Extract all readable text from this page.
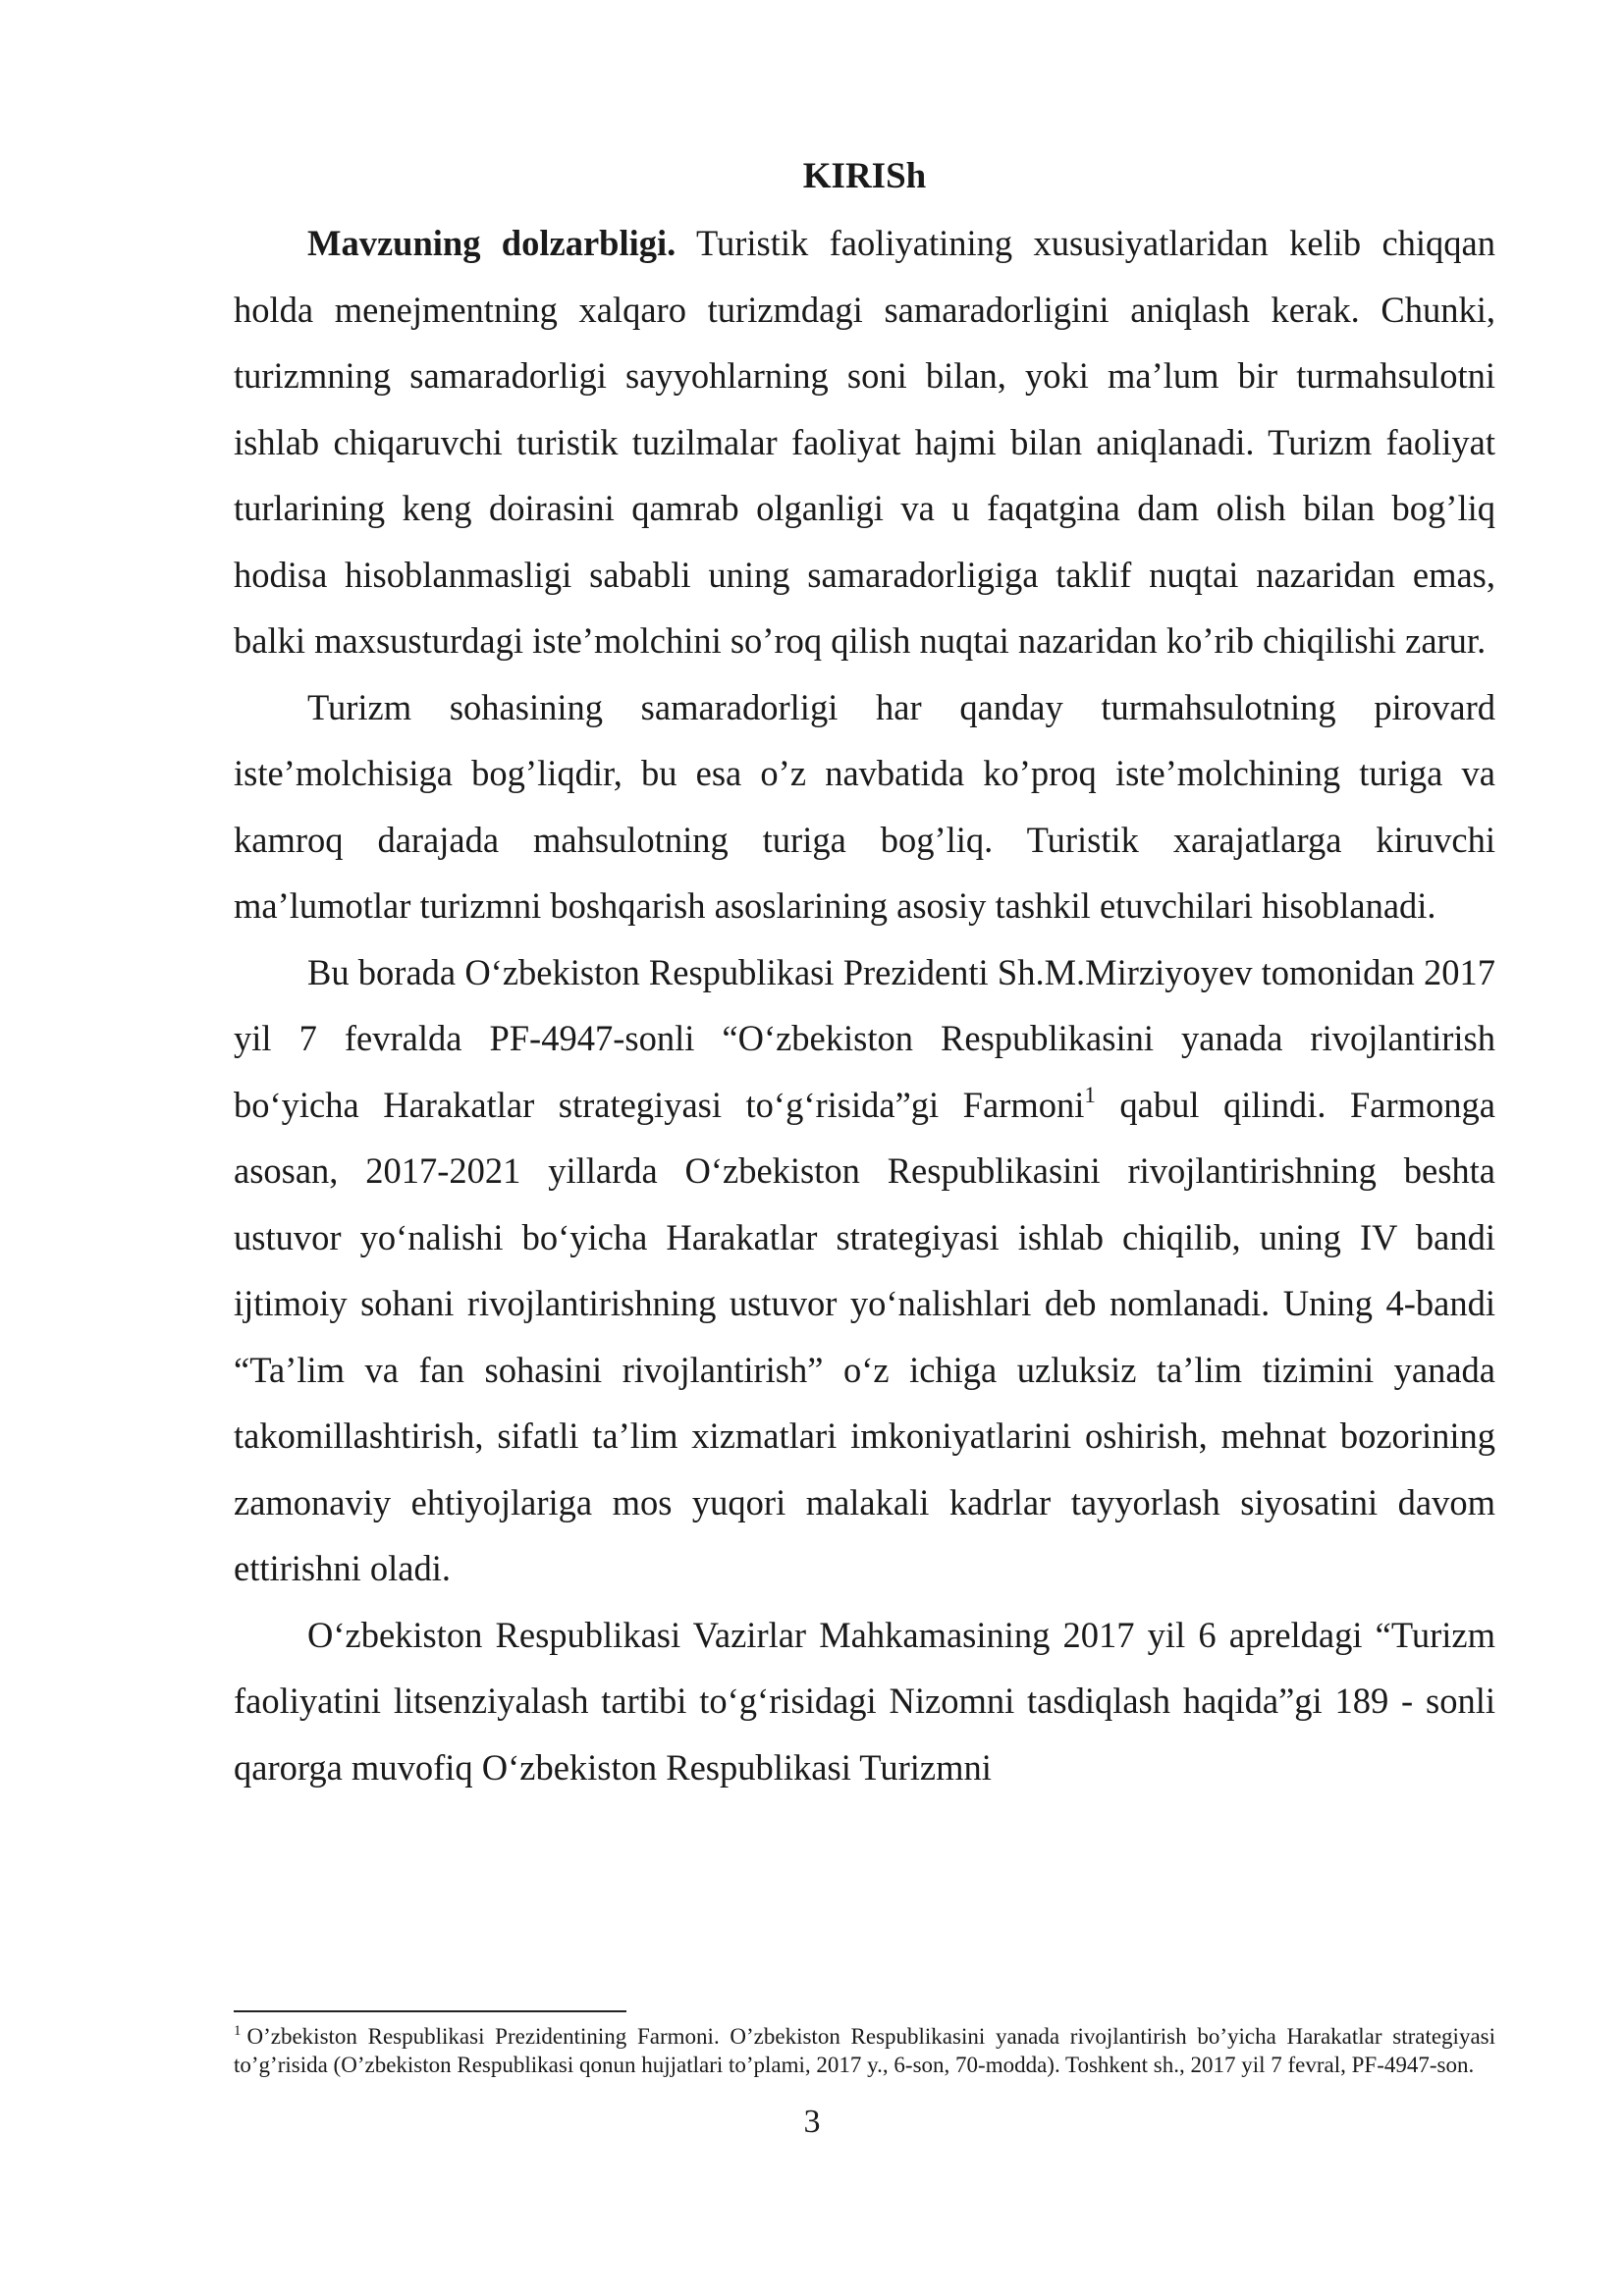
KIRISh

Mavzuning dolzarbligi. Turistik faoliyatining xususiyatlaridan kelib chiqqan holda menejmentning xalqaro turizmdagi samaradorligini aniqlash kerak. Chunki, turizmning samaradorligi sayyohlarning soni bilan, yoki ma’lum bir turmahsulotni ishlab chiqaruvchi turistik tuzilmalar faoliyat hajmi bilan aniqlanadi. Turizm faoliyat turlarining keng doirasini qamrab olganligi va u faqatgina dam olish bilan bog’liq hodisa hisoblanmasligi sababli uning samaradorligiga taklif nuqtai nazaridan emas, balki maxsusturdagi iste’molchini so’roq qilish nuqtai nazaridan ko’rib chiqilishi zarur.

Turizm sohasining samaradorligi har qanday turmahsulotning pirovard iste’molchisiga bog’liqdir, bu esa o’z navbatida ko’proq iste’molchining turiga va kamroq darajada mahsulotning turiga bog’liq. Turistik xarajatlarga kiruvchi ma’lumotlar turizmni boshqarish asoslarining asosiy tashkil etuvchilari hisoblanadi.

Bu borada O‘zbekiston Respublikasi Prezidenti Sh.M.Mirziyoyev tomonidan 2017 yil 7 fevralda PF-4947-sonli “O‘zbekiston Respublikasini yanada rivojlantirish bo‘yicha Harakatlar strategiyasi to‘g‘risida”gi Farmoni$^1$ qabul qilindi. Farmonga asosan, 2017-2021 yillarda O‘zbekiston Respublikasini rivojlantirishning beshta ustuvor yo‘nalishi bo‘yicha Harakatlar strategiyasi ishlab chiqilib, uning IV bandi ijtimoiy sohani rivojlantirishning ustuvor yo‘nalishlari deb nomlanadi. Uning 4-bandi “Ta’lim va fan sohasini rivojlantirish” o‘z ichiga uzluksiz ta’lim tizimini yanada takomillashtirish, sifatli ta’lim xizmatlari imkoniyatlarini oshirish, mehnat bozorining zamonaviy ehtiyojlariga mos yuqori malakali kadrlar tayyorlash siyosatini davom ettirishni oladi.

O‘zbekiston Respublikasi Vazirlar Mahkamasining 2017 yil 6 apreldagi “Turizm faoliyatini litsenziyalash tartibi to‘g‘risidagi Nizomni tasdiqlash haqida”gi 189 - sonli qarorga muvofiq O‘zbekiston Respublikasi Turizmni

$^1$ O’zbekiston Respublikasi Prezidentining Farmoni. O’zbekiston Respublikasini yanada rivojlantirish bo’yicha Harakatlar strategiyasi to’g’risida (O’zbekiston Respublikasi qonun hujjatlari to’plami, 2017 y., 6-son, 70-modda). Toshkent sh., 2017 yil 7 fevral, PF-4947-son.

3
